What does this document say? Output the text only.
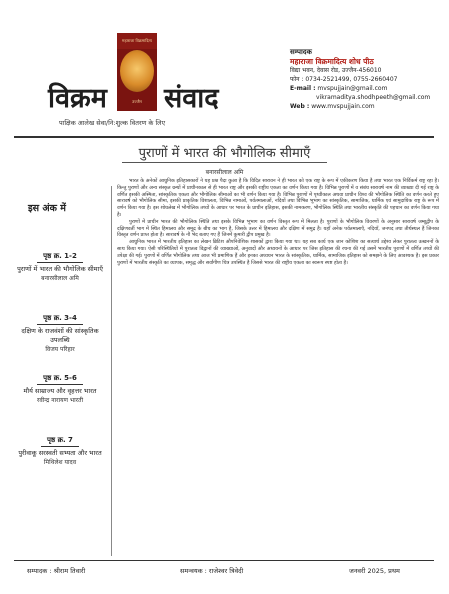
महाराजा विक्रमादित्य
उज्जैन
विक्रम संवाद
पाक्षिक आलेख सेवा/नि:शुल्क वितरण के लिए
सम्पादक
महाराजा विक्रमादित्य शोध पीठ
विद्या भवन, देवास रोड, उज्जैन-456010
फोन : 0734-2521499, 0755-2660407
E-mail : mvspujjain@gmail.com
vikramaditya.shodhpeeth@gmail.com
Web : www.mvspujjain.com
पुराणों में भारत की भौगोलिक सीमाएँ
बनारसीलाल अमि
इस अंक में
पृष्ठ क्र. 1-2
पुराणों में भारत की भौगोलिक सीमाएँ
बनारसीलाल अमि
पृष्ठ क्र. 3-4
दक्षिण के राजवंशों की सांस्कृतिक उपलब्धि
विजय परिहार
पृष्ठ क्र. 5-6
मौर्य साम्राज्य और वृहत्तर भारत
रवीन्द्र नारायण भारती
पृष्ठ क्र. 7
पुरीवाकू सरस्वती सभ्यता और भारत
मिथिलेश यादव

भारत के अनेकों आधुनिक इतिहासकारों ने यह प्रश्न पैदा कुआ है कि विदित सारावन ने ही भारत को एक राष्ट्र के रूप में एकीकरण किया है तथा भारत एक निर्विकर्म राष्ट्र रहा है। किन्तु पुराणों और अन्य संस्कृत ग्रन्थों में प्राचीनकाल से ही भारत राष्ट्र और इसकी राष्ट्रीय एकता का वर्णन किया गया है। विभिन्न पुराणों में व संबंध सारावर्ष नाम की व्याख्या दी गई राष्ट्र के वर्णित इसकी अस्मिता, सांस्कृतिक एकता और भौगोलिक सीमाओं का भी वर्णन किया गया है। विभिन्न पुराणों में पृथ्वीकाल अथवा प्राचीन विश्व की भौगोलिक स्थिति का वर्णन करते हुए सारावर्ष को भौगोलिक सीमा, इसकी प्राकृतिक विशालता, विभिन्न नामाओं, पर्वतमालाओं, नदियों तथा विभिन्न भूभाग का सांस्कृतिक, सामाजिक, धार्मिक एवं सामुदायिक राष्ट्र के रूप में वर्णन किया गया है। इस शोधलेख में भौगोलिक तथ्यों के आधार पर भारत के प्राचीन इतिहास, इसकी नामकरण, भौगोलिक स्थिति तथा भारतीय संस्कृति की पहचान का वर्णन किया गया है।

पुराणों में प्राचीन भारत की भौगोलिक स्थिति तथा इसके विभिन्न भूभाग का वर्णन विस्तृत रूप में मिलता है। पुराणों के भौगोलिक विवरणों के अनुसार सारावर्ष जम्बूद्वीप के दक्षिणवर्ती भाग में स्थित हिमालय और समुद्र के बीच का भाग है, जिसके उत्तर में हिमालय और दक्षिण में समुद्र है। यहाँ अनेक पर्वतमालाएँ, नदियाँ, जनपद तथा तीर्थस्थल हैं जिनका विस्तृत वर्णन प्राप्त होता है। सारावर्ष के नौ भेद बताए गए हैं जिनमें कुमारी द्वीप प्रमुख है।

आधुनिक भारत में भारतीय इतिहास का लेखन ब्रिटिश औपनिवेशिक शासकों द्वारा किया गया था। यह सब कार्य एक जान कोशिश का सत्यार्थ उद्देश्य लेकर पुरातत्व उत्खननों के साथ किया गया। ऐसी परिस्थितियों में पुरातत्व विद्वानों की व्याख्याओं, अनुवादों और अध्ययनों के आधार पर जिस इतिहास की रचना की गई उसमें भारतीय पुराणों में वर्णित तथ्यों की उपेक्षा की गई। पुराणों में वर्णित भौगोलिक तथ्य आज भी प्रमाणिक हैं और इनका अध्ययन भारत के सांस्कृतिक, धार्मिक, सामाजिक इतिहास को समझने के लिए आवश्यक है। इस प्रकार पुराणों में भारतीय संस्कृति का व्यापक, समृद्ध और सर्वांगीण चित्र उपस्थित है जिससे भारत की राष्ट्रीय एकता का स्वरूप स्पष्ट होता है।

सम्पादक : श्रीराम तिवारी	समन्वयक : राजेश्वर त्रिवेदी	जनवरी 2025, प्रथम
